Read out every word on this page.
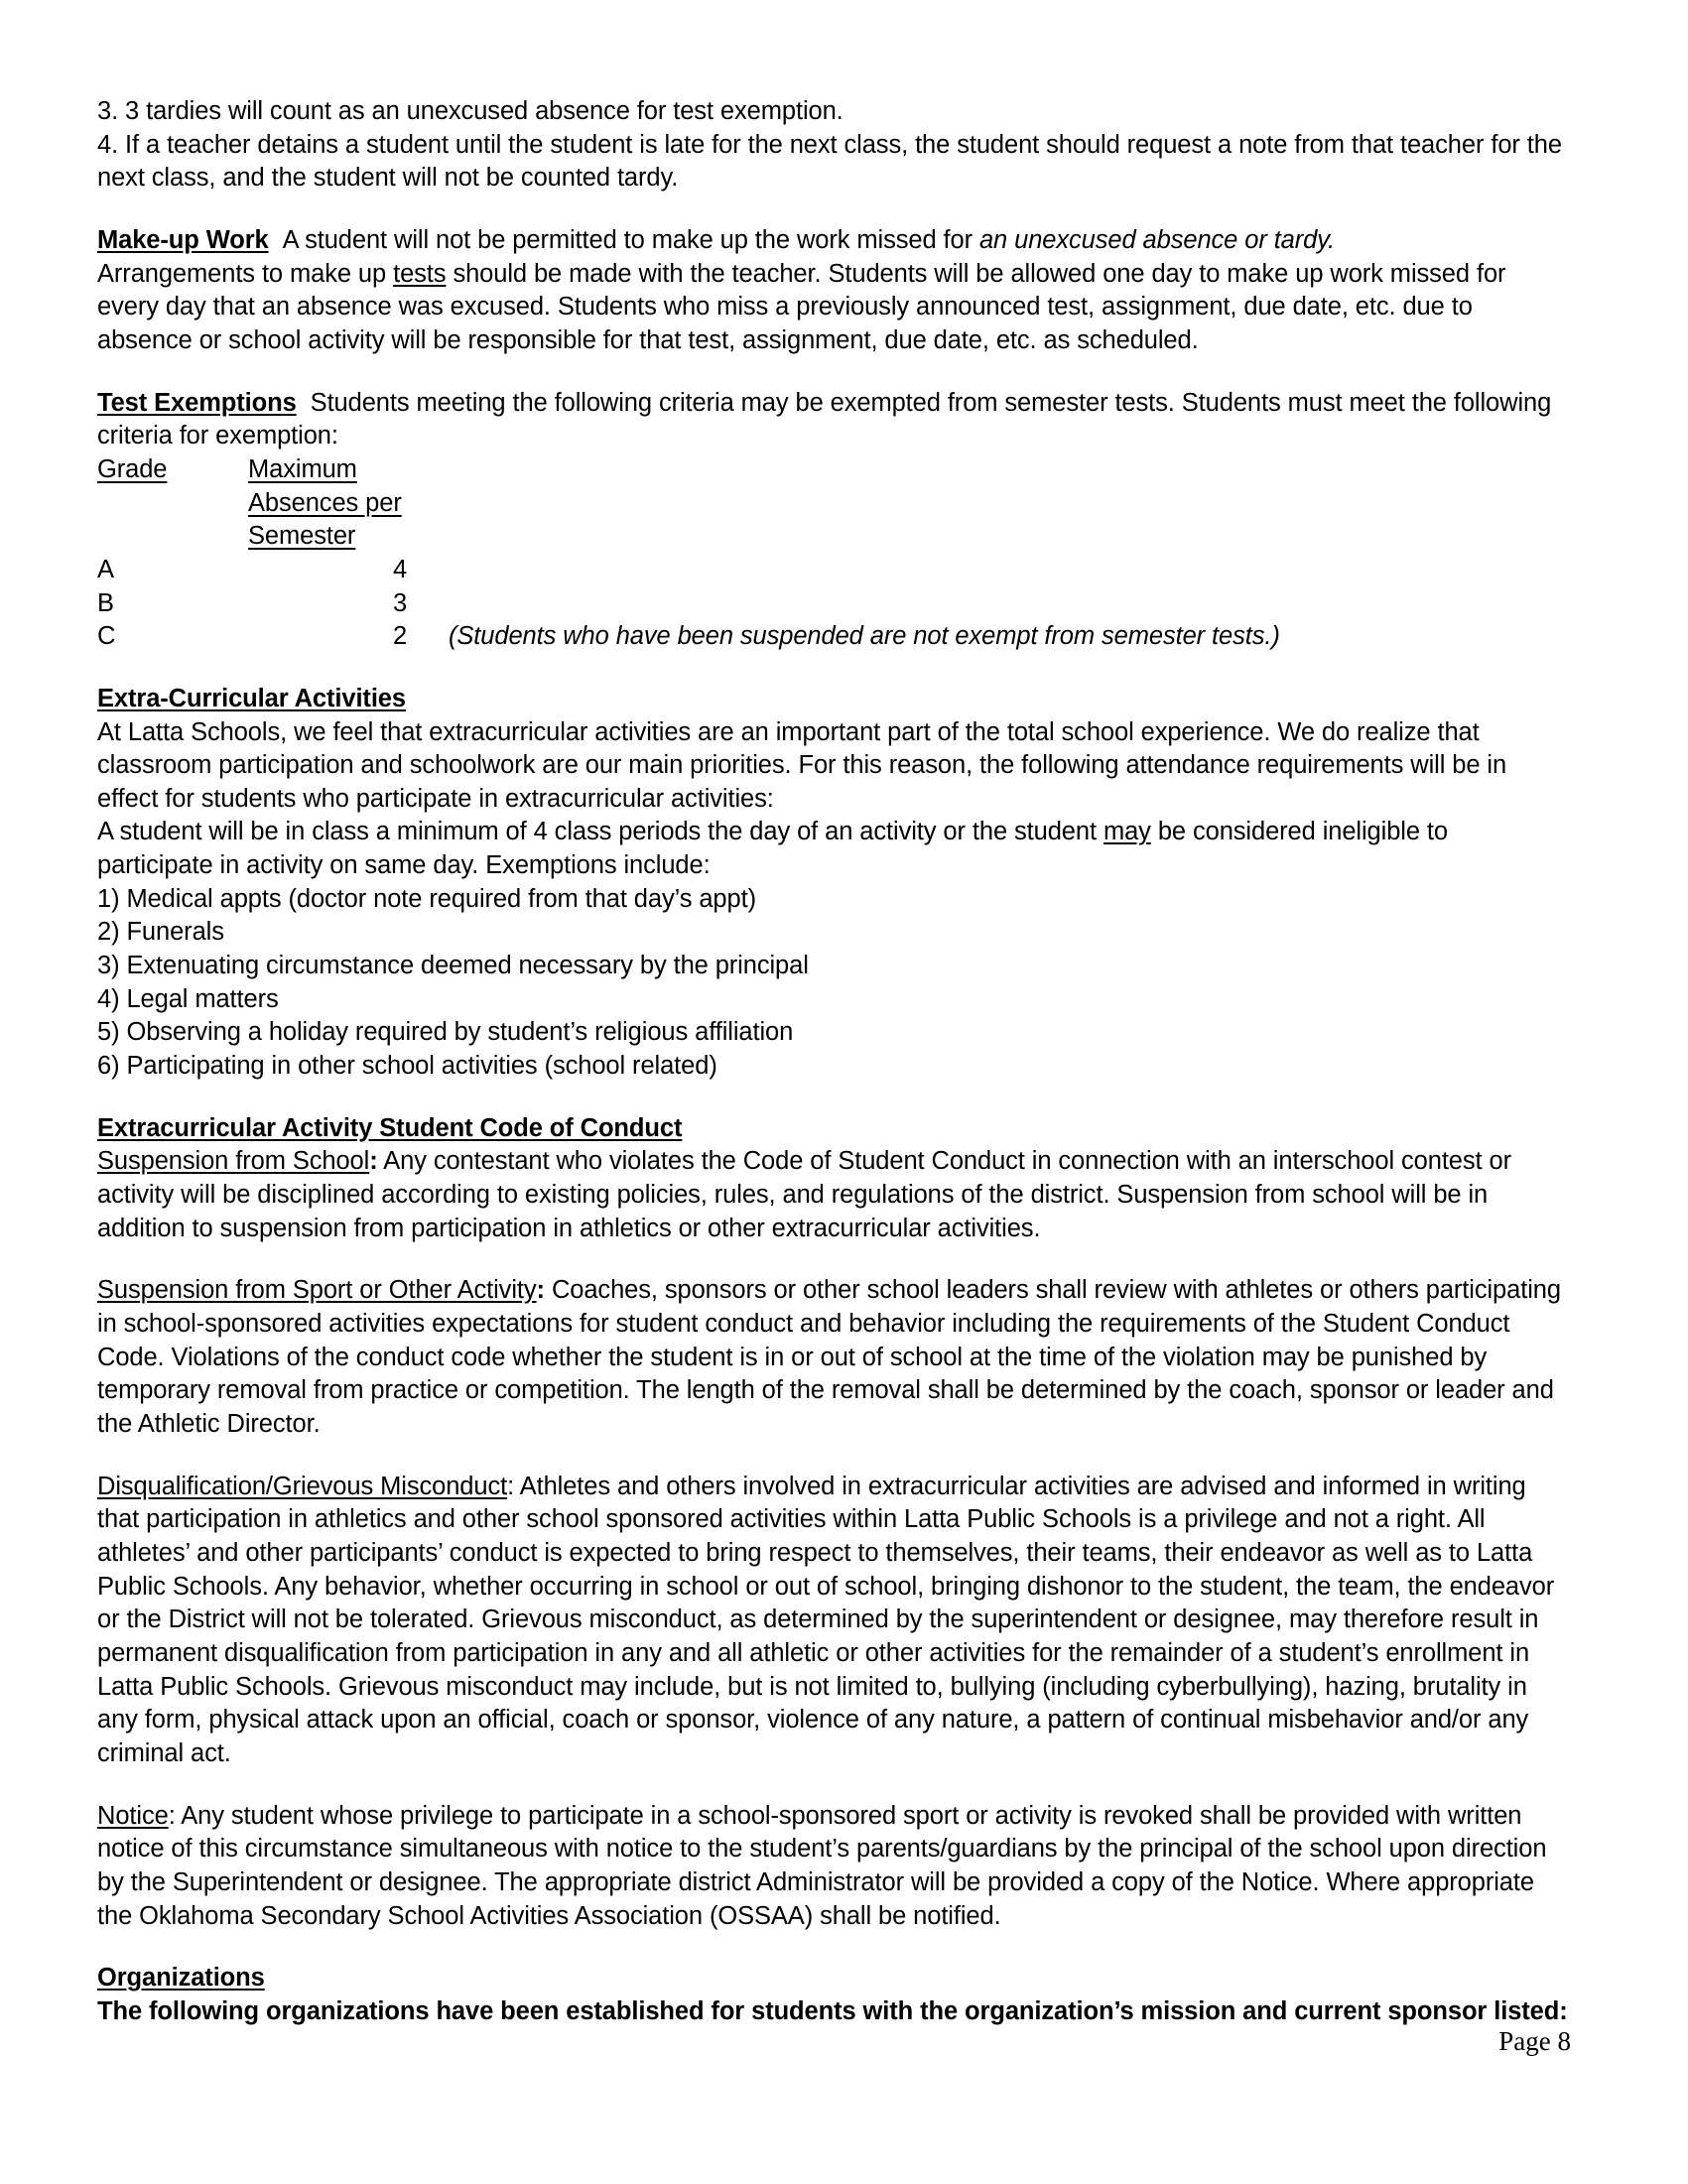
3. 3 tardies will count as an unexcused absence for test exemption.

4. If a teacher detains a student until the student is late for the next class, the student should request a note from that teacher for the next class, and the student will not be counted tardy.

Make-up Work A student will not be permitted to make up the work missed for an unexcused absence or tardy.

Arrangements to make up tests should be made with the teacher. Students will be allowed one day to make up work missed for every day that an absence was excused. Students who miss a previously announced test, assignment, due date, etc. due to absence or school activity will be responsible for that test, assignment, due date, etc. as scheduled.

Test Exemptions Students meeting the following criteria may be exempted from semester tests. Students must meet the following criteria for exemption:

Grade	Maximum Absences per Semester	
A	4	
B	3	
C	2	(Students who have been suspended are not exempt from semester tests.)

Extra-Curricular Activities

At Latta Schools, we feel that extracurricular activities are an important part of the total school experience. We do realize that classroom participation and schoolwork are our main priorities. For this reason, the following attendance requirements will be in effect for students who participate in extracurricular activities:

A student will be in class a minimum of 4 class periods the day of an activity or the student may be considered ineligible to participate in activity on same day. Exemptions include:

1) Medical appts (doctor note required from that day’s appt)

2) Funerals

3) Extenuating circumstance deemed necessary by the principal

4) Legal matters

5) Observing a holiday required by student’s religious affiliation

6) Participating in other school activities (school related)

Extracurricular Activity Student Code of Conduct

Suspension from School: Any contestant who violates the Code of Student Conduct in connection with an interschool contest or activity will be disciplined according to existing policies, rules, and regulations of the district. Suspension from school will be in addition to suspension from participation in athletics or other extracurricular activities.

Suspension from Sport or Other Activity: Coaches, sponsors or other school leaders shall review with athletes or others participating in school-sponsored activities expectations for student conduct and behavior including the requirements of the Student Conduct Code. Violations of the conduct code whether the student is in or out of school at the time of the violation may be punished by temporary removal from practice or competition. The length of the removal shall be determined by the coach, sponsor or leader and the Athletic Director.

Disqualification/Grievous Misconduct: Athletes and others involved in extracurricular activities are advised and informed in writing that participation in athletics and other school sponsored activities within Latta Public Schools is a privilege and not a right. All athletes’ and other participants’ conduct is expected to bring respect to themselves, their teams, their endeavor as well as to Latta Public Schools. Any behavior, whether occurring in school or out of school, bringing dishonor to the student, the team, the endeavor or the District will not be tolerated. Grievous misconduct, as determined by the superintendent or designee, may therefore result in permanent disqualification from participation in any and all athletic or other activities for the remainder of a student’s enrollment in Latta Public Schools. Grievous misconduct may include, but is not limited to, bullying (including cyberbullying), hazing, brutality in any form, physical attack upon an official, coach or sponsor, violence of any nature, a pattern of continual misbehavior and/or any criminal act.

Notice: Any student whose privilege to participate in a school-sponsored sport or activity is revoked shall be provided with written notice of this circumstance simultaneous with notice to the student’s parents/guardians by the principal of the school upon direction by the Superintendent or designee. The appropriate district Administrator will be provided a copy of the Notice. Where appropriate the Oklahoma Secondary School Activities Association (OSSAA) shall be notified.

Organizations

The following organizations have been established for students with the organization’s mission and current sponsor listed:

Page 8
